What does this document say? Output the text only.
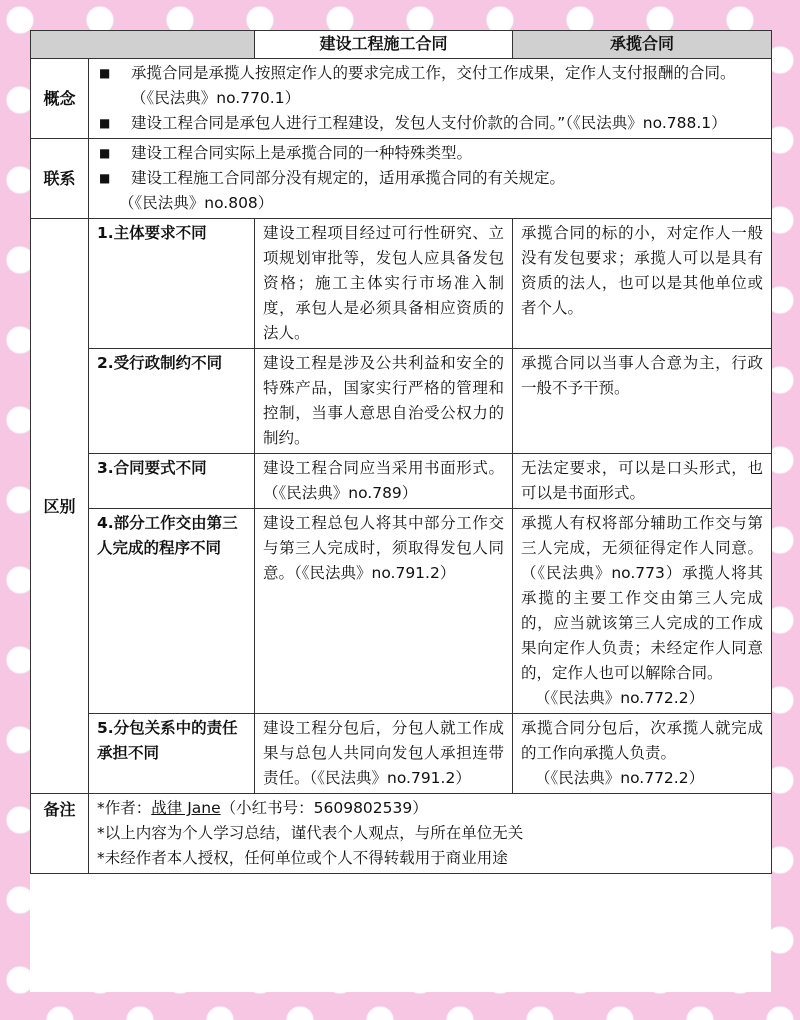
		建设工程施工合同	承揽合同
概念	■ 承揽合同是承揽人按照定作人的要求完成工作，交付工作成果，定作人支付报酬的合同。（《民法典》no.770.1）
■ 建设工程合同是承包人进行工程建设，发包人支付价款的合同。”（《民法典》no.788.1）		

联系	■ 建设工程合同实际上是承揽合同的一种特殊类型。
■ 建设工程施工合同部分没有规定的，适用承揽合同的有关规定。
（《民法典》no.808）		

区别	1.主体要求不同	建设工程项目经过可行性研究、立项规划审批等，发包人应具备发包资格；施工主体实行市场准入制度，承包人是必须具备相应资质的法人。	承揽合同的标的小，对定作人一般没有发包要求；承揽人可以是具有资质的法人，也可以是其他单位或者个人。
	2.受行政制约不同	建设工程是涉及公共利益和安全的特殊产品，国家实行严格的管理和控制，当事人意思自治受公权力的制约。	承揽合同以当事人合意为主，行政一般不予干预。
	3.合同要式不同	建设工程合同应当采用书面形式。（《民法典》no.789）	无法定要求，可以是口头形式，也可以是书面形式。
	4.部分工作交由第三人完成的程序不同	建设工程总包人将其中部分工作交与第三人完成时，须取得发包人同意。（《民法典》no.791.2）	承揽人有权将部分辅助工作交与第三人完成，无须征得定作人同意。（《民法典》no.773）承揽人将其承揽的主要工作交由第三人完成的，应当就该第三人完成的工作成果向定作人负责；未经定作人同意的，定作人也可以解除合同。
（《民法典》no.772.2）

	5.分包关系中的责任承担不同	建设工程分包后，分包人就工作成果与总包人共同向发包人承担连带责任。（《民法典》no.791.2）	承揽合同分包后，次承揽人就完成的工作向承揽人负责。
（《民法典》no.772.2）

备注	*作者：战律 Jane（小红书号：5609802539）
*以上内容为个人学习总结，谨代表个人观点，与所在单位无关
*未经作者本人授权，任何单位或个人不得转载用于商业用途		
